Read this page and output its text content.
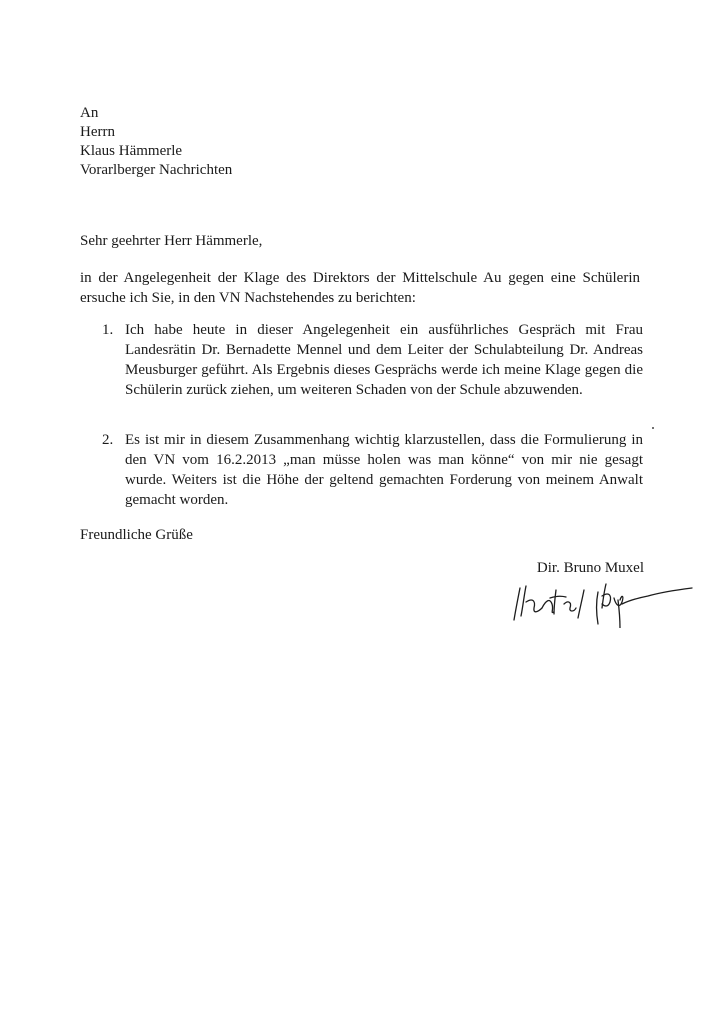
An
Herrn
Klaus Hämmerle
Vorarlberger Nachrichten
Sehr geehrter Herr Hämmerle,
in der Angelegenheit der Klage des Direktors der Mittelschule Au gegen eine Schülerin ersuche ich Sie, in den VN Nachstehendes zu berichten:
1. Ich habe heute in dieser Angelegenheit ein ausführliches Gespräch mit Frau Landesrätin Dr. Bernadette Mennel und dem Leiter der Schulabteilung Dr. Andreas Meusburger geführt. Als Ergebnis dieses Gesprächs werde ich meine Klage gegen die Schülerin zurück ziehen, um weiteren Schaden von der Schule abzuwenden.
2. Es ist mir in diesem Zusammenhang wichtig klarzustellen, dass die Formulierung in den VN vom 16.2.2013 „man müsse holen was man könne“ von mir nie gesagt wurde. Weiters ist die Höhe der geltend gemachten Forderung von meinem Anwalt gemacht worden.
Freundliche Grüße
Dir. Bruno Muxel
